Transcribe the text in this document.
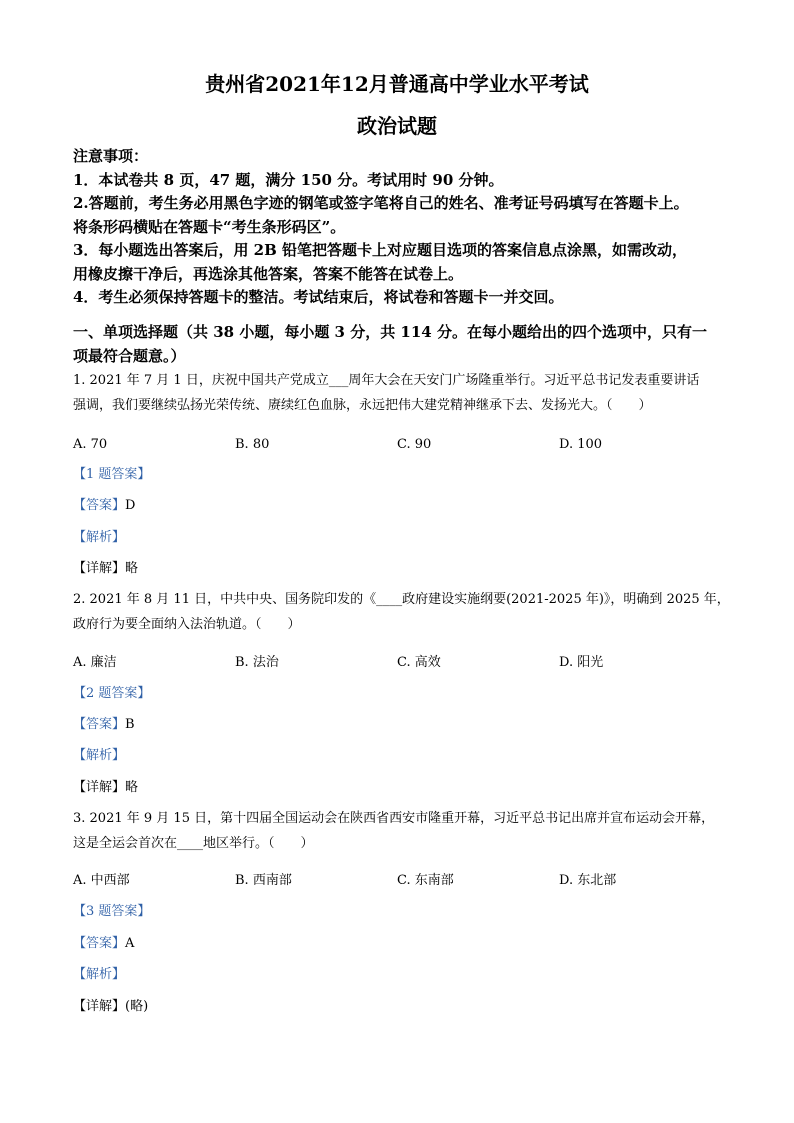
贵州省2021年12月普通高中学业水平考试
政治试题
注意事项：
1．本试卷共 8 页，47 题，满分 150 分。考试用时 90 分钟。
2.答题前，考生务必用黑色字迹的钢笔或签字笔将自己的姓名、准考证号码填写在答题卡上。
将条形码横贴在答题卡“考生条形码区”。
3．每小题选出答案后，用 2B 铅笔把答题卡上对应题目选项的答案信息点涂黑，如需改动，
用橡皮擦干净后，再选涂其他答案，答案不能答在试卷上。
4．考生必须保持答题卡的整洁。考试结束后，将试卷和答题卡一并交回。
一、单项选择题（共 38 小题，每小题 3 分，共 114 分。在每小题给出的四个选项中，只有一
项最符合题意。）
1. 2021 年 7 月 1 日，庆祝中国共产党成立___周年大会在天安门广场隆重举行。习近平总书记发表重要讲话
强调，我们要继续弘扬光荣传统、赓续红色血脉，永远把伟大建党精神继承下去、发扬光大。（　　）
A. 70	B. 80	C. 90	D. 100
【1 题答案】
【答案】D
【解析】
【详解】略
2. 2021 年 8 月 11 日，中共中央、国务院印发的《____政府建设实施纲要(2021-2025 年)》，明确到 2025 年，
政府行为要全面纳入法治轨道。（　　）
A. 廉洁	B. 法治	C. 高效	D. 阳光
【2 题答案】
【答案】B
【解析】
【详解】略
3. 2021 年 9 月 15 日，第十四届全国运动会在陕西省西安市隆重开幕，习近平总书记出席并宣布运动会开幕，
这是全运会首次在____地区举行。（　　）
A. 中西部	B. 西南部	C. 东南部	D. 东北部
【3 题答案】
【答案】A
【解析】
【详解】(略)
